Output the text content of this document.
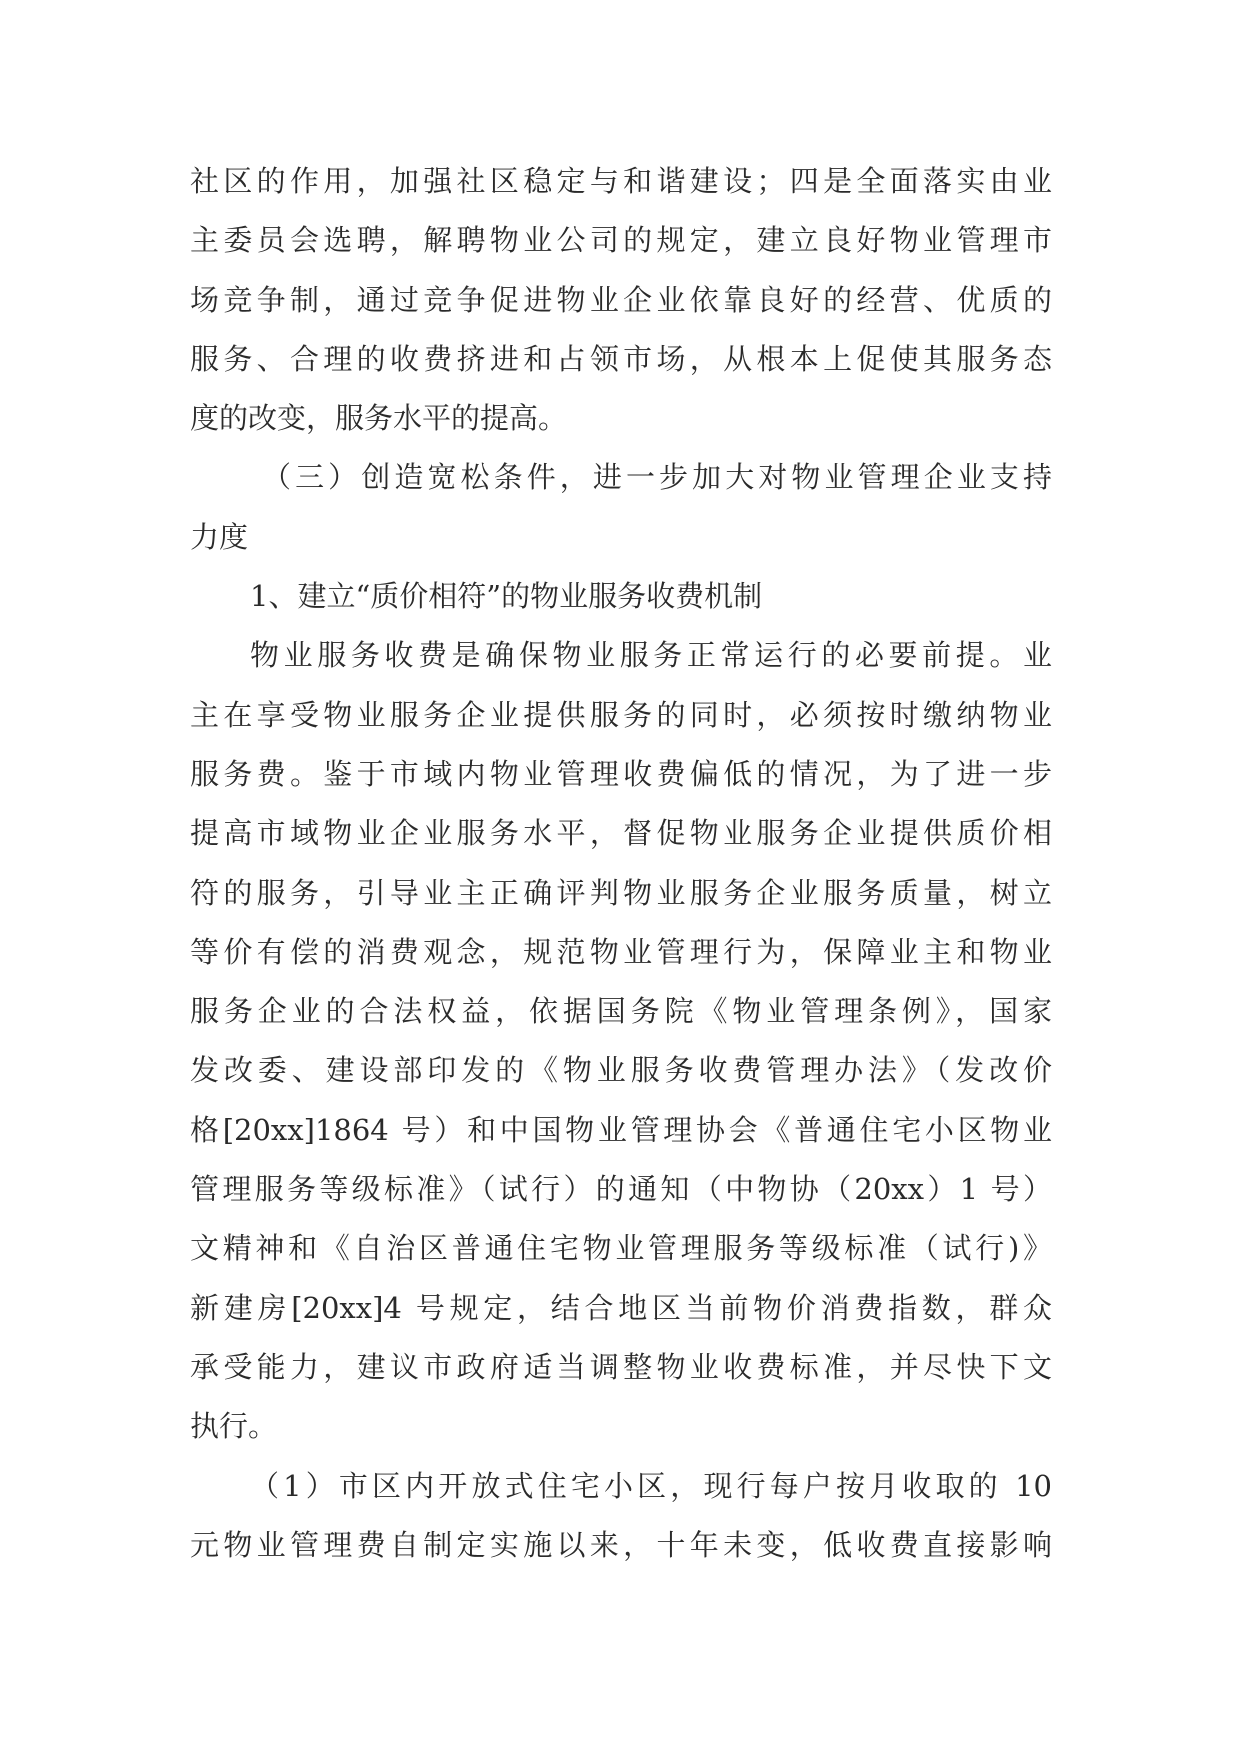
社区的作用，加强社区稳定与和谐建设；四是全面落实由业
主委员会选聘，解聘物业公司的规定，建立良好物业管理市
场竞争制，通过竞争促进物业企业依靠良好的经营、优质的
服务、合理的收费挤进和占领市场，从根本上促使其服务态
度的改变，服务水平的提高。
（三）创造宽松条件，进一步加大对物业管理企业支持
力度
1、建立“质价相符”的物业服务收费机制
物业服务收费是确保物业服务正常运行的必要前提。业
主在享受物业服务企业提供服务的同时，必须按时缴纳物业
服务费。鉴于市域内物业管理收费偏低的情况，为了进一步
提高市域物业企业服务水平，督促物业服务企业提供质价相
符的服务，引导业主正确评判物业服务企业服务质量，树立
等价有偿的消费观念，规范物业管理行为，保障业主和物业
服务企业的合法权益，依据国务院《物业管理条例》，国家
发改委、建设部印发的《物业服务收费管理办法》（发改价
格[20xx]1864 号）和中国物业管理协会《普通住宅小区物业
管理服务等级标准》（试行）的通知（中物协（20xx）1 号）
文精神和《自治区普通住宅物业管理服务等级标准（试行)》
新建房[20xx]4 号规定，结合地区当前物价消费指数，群众
承受能力，建议市政府适当调整物业收费标准，并尽快下文
执行。
（1）市区内开放式住宅小区，现行每户按月收取的 10
元物业管理费自制定实施以来，十年未变，低收费直接影响
